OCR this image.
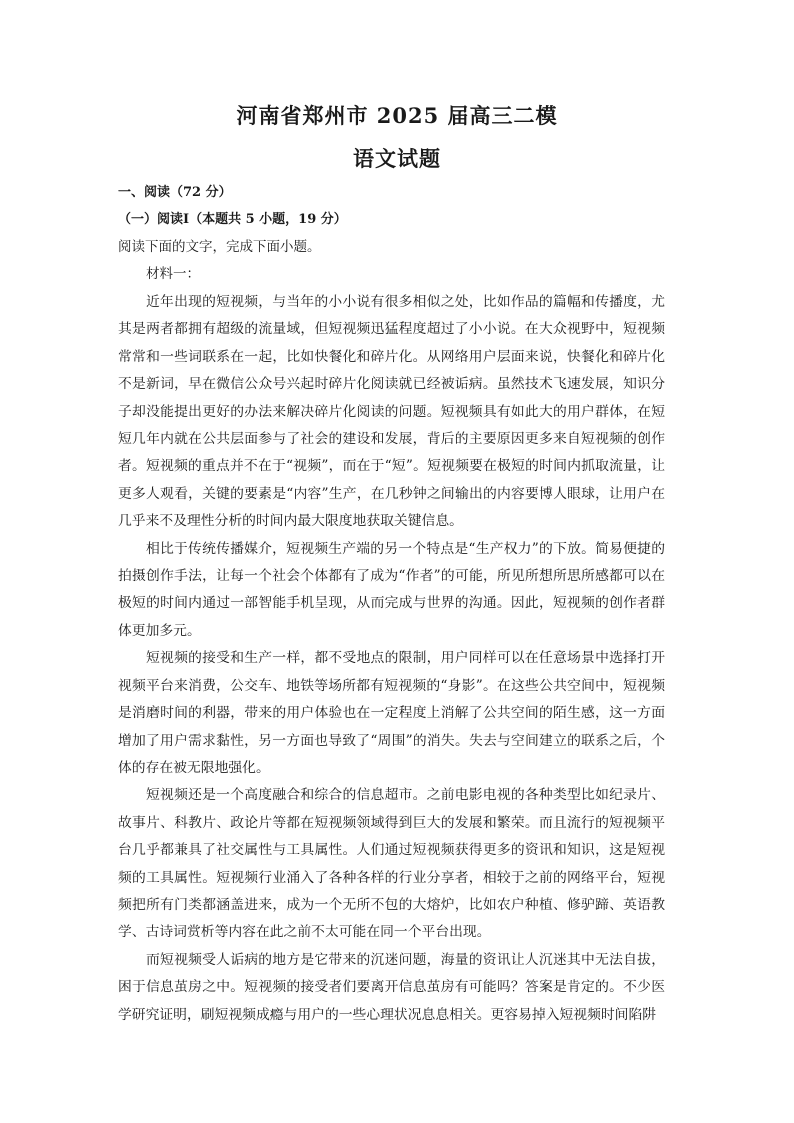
河南省郑州市 2025 届高三二模
语文试题
一、阅读（72 分）
（一）阅读Ⅰ（本题共 5 小题，19 分）
阅读下面的文字，完成下面小题。
材料一：

近年出现的短视频，与当年的小小说有很多相似之处，比如作品的篇幅和传播度，尤其是两者都拥有超级的流量域，但短视频迅猛程度超过了小小说。在大众视野中，短视频常常和一些词联系在一起，比如快餐化和碎片化。从网络用户层面来说，快餐化和碎片化不是新词，早在微信公众号兴起时碎片化阅读就已经被诟病。虽然技术飞速发展，知识分子却没能提出更好的办法来解决碎片化阅读的问题。短视频具有如此大的用户群体，在短短几年内就在公共层面参与了社会的建设和发展，背后的主要原因更多来自短视频的创作者。短视频的重点并不在于“视频”，而在于“短”。短视频要在极短的时间内抓取流量，让更多人观看，关键的要素是“内容”生产，在几秒钟之间输出的内容要博人眼球，让用户在几乎来不及理性分析的时间内最大限度地获取关键信息。

相比于传统传播媒介，短视频生产端的另一个特点是“生产权力”的下放。简易便捷的拍摄创作手法，让每一个社会个体都有了成为“作者”的可能，所见所想所思所感都可以在极短的时间内通过一部智能手机呈现，从而完成与世界的沟通。因此，短视频的创作者群体更加多元。

短视频的接受和生产一样，都不受地点的限制，用户同样可以在任意场景中选择打开视频平台来消费，公交车、地铁等场所都有短视频的“身影”。在这些公共空间中，短视频是消磨时间的利器，带来的用户体验也在一定程度上消解了公共空间的陌生感，这一方面增加了用户需求黏性，另一方面也导致了“周围”的消失。失去与空间建立的联系之后，个体的存在被无限地强化。

短视频还是一个高度融合和综合的信息超市。之前电影电视的各种类型比如纪录片、故事片、科教片、政论片等都在短视频领域得到巨大的发展和繁荣。而且流行的短视频平台几乎都兼具了社交属性与工具属性。人们通过短视频获得更多的资讯和知识，这是短视频的工具属性。短视频行业涌入了各种各样的行业分享者，相较于之前的网络平台，短视频把所有门类都涵盖进来，成为一个无所不包的大熔炉，比如农户种植、修驴蹄、英语教学、古诗词赏析等内容在此之前不太可能在同一个平台出现。

而短视频受人诟病的地方是它带来的沉迷问题，海量的资讯让人沉迷其中无法自拔，困于信息茧房之中。短视频的接受者们要离开信息茧房有可能吗？答案是肯定的。不少医学研究证明，刷短视频成瘾与用户的一些心理状况息息相关。更容易掉入短视频时间陷阱
